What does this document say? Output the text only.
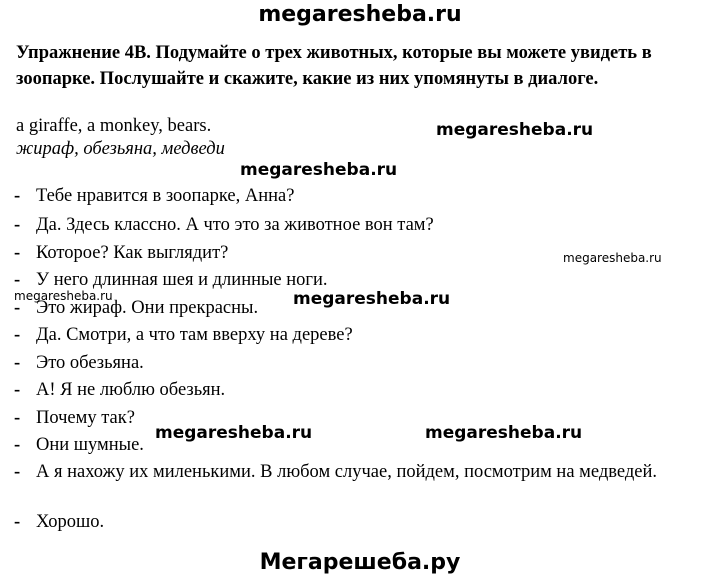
megaresheba.ru
Упражнение 4B. Подумайте о трех животных, которые вы можете увидеть в зоопарке. Послушайте и скажите, какие из них упомянуты в диалоге.
a giraffe, a monkey, bears.
жираф, обезьяна, медведи
- Тебе нравится в зоопарке, Анна?
- Да. Здесь классно. А что это за животное вон там?
- Которое? Как выглядит?
- У него длинная шея и длинные ноги.
- Это жираф. Они прекрасны.
- Да. Смотри, а что там вверху на дереве?
- Это обезьяна.
- А! Я не люблю обезьян.
- Почему так?
- Они шумные.
- А я нахожу их миленькими. В любом случае, пойдем, посмотрим на медведей.
- Хорошо.
megaresheba.ru
megaresheba.ru
megaresheba.ru
megaresheba.ru	megaresheba.ru
megaresheba.ru	megaresheba.ru
Мегарешеба.ру
